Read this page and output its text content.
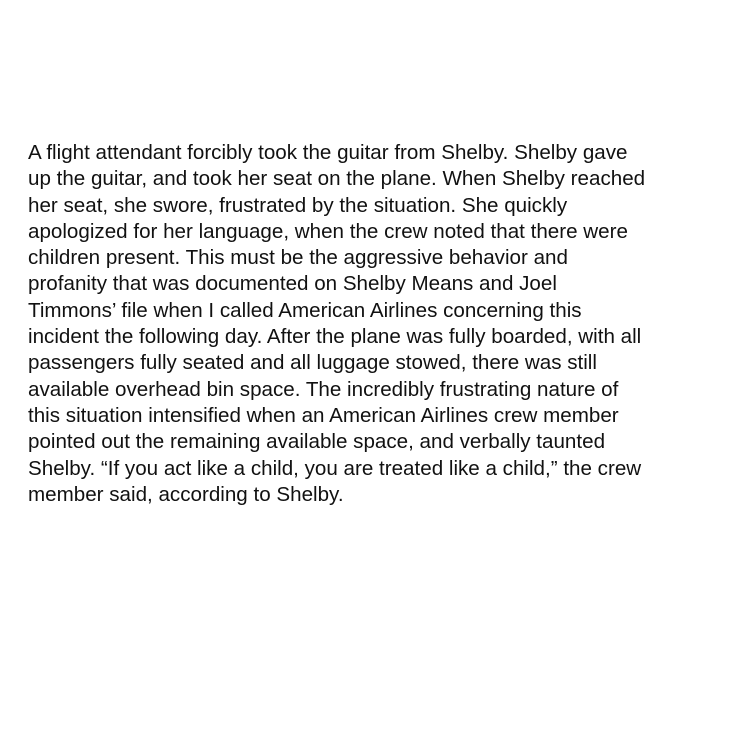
A flight attendant forcibly took the guitar from Shelby. Shelby gave
up the guitar, and took her seat on the plane. When Shelby reached
her seat, she swore, frustrated by the situation. She quickly
apologized for her language, when the crew noted that there were
children present. This must be the aggressive behavior and
profanity that was documented on Shelby Means and Joel
Timmons’ file when I called American Airlines concerning this
incident the following day. After the plane was fully boarded, with all
passengers fully seated and all luggage stowed, there was still
available overhead bin space. The incredibly frustrating nature of
this situation intensified when an American Airlines crew member
pointed out the remaining available space, and verbally taunted
Shelby. “If you act like a child, you are treated like a child,” the crew
member said, according to Shelby.
